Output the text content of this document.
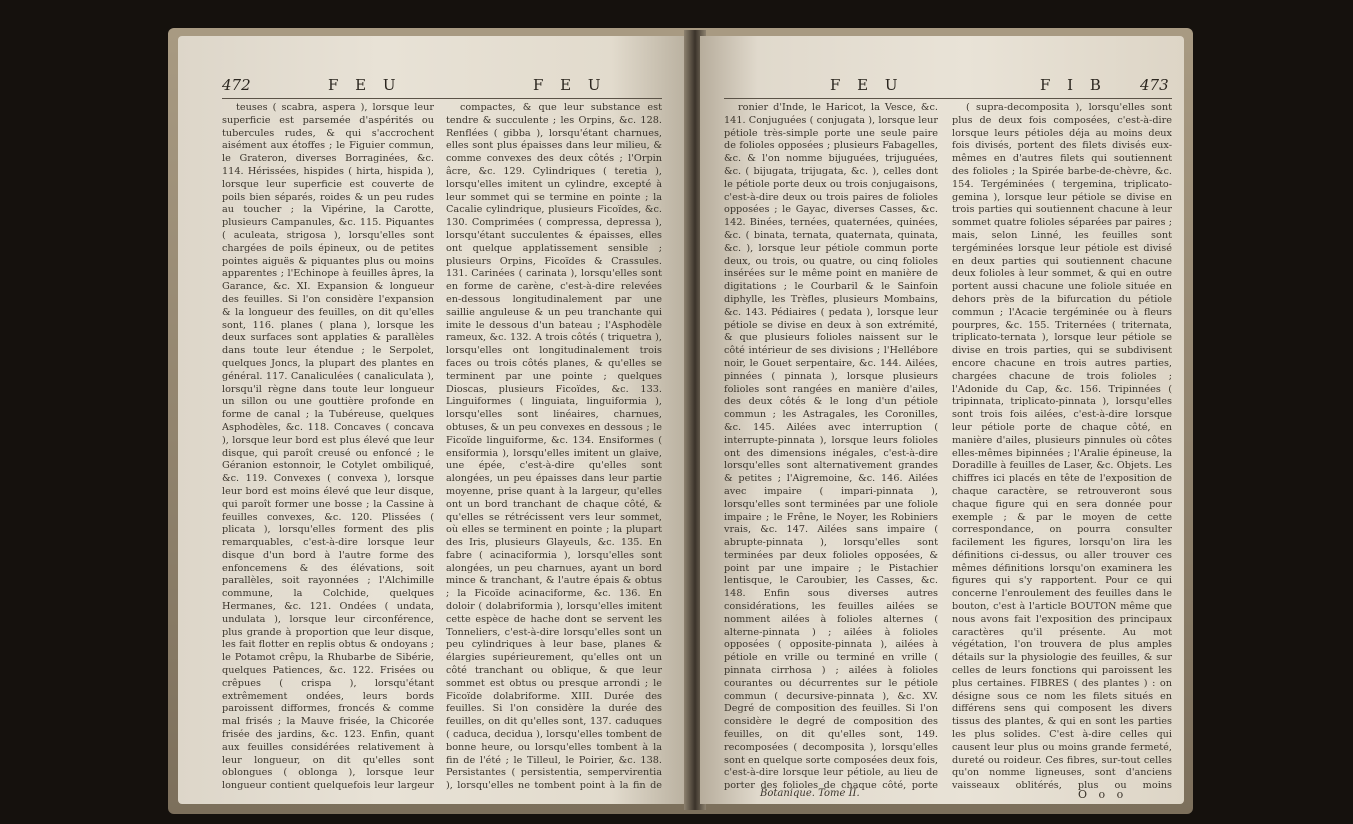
472	F E U	F E U

teuses ( scabra, aspera ), lorsque leur superficie est parsemée d'aspérités ou tubercules rudes, & qui s'accrochent aisément aux étoffes ; le Figuier commun, le Grateron, diverses Borraginées, &c. 114. Hérissées, hispides ( hirta, hispida ), lorsque leur superficie est couverte de poils bien séparés, roides & un peu rudes au toucher ; la Vipérine, la Carotte, plusieurs Campanules, &c. 115. Piquantes ( aculeata, strigosa ), lorsqu'elles sont chargées de poils épineux, ou de petites pointes aiguës & piquantes plus ou moins apparentes ; l'Echinope à feuilles âpres, la Garance, &c. XI. Expansion & longueur des feuilles. Si l'on considère l'expansion & la longueur des feuilles, on dit qu'elles sont, 116. planes ( plana ), lorsque les deux surfaces sont applaties & parallèles dans toute leur étendue ; le Serpolet, quelques Joncs, la plupart des plantes en général. 117. Canaliculées ( canaliculata ), lorsqu'il règne dans toute leur longueur un sillon ou une gouttière profonde en forme de canal ; la Tubéreuse, quelques Asphodèles, &c. 118. Concaves ( concava ), lorsque leur bord est plus élevé que leur disque, qui paroît creusé ou enfoncé ; le Géranion estonnoir, le Cotylet ombiliqué, &c. 119. Convexes ( convexa ), lorsque leur bord est moins élevé que leur disque, qui paroît former une bosse ; la Cassine à feuilles convexes, &c. 120. Plissées ( plicata ), lorsqu'elles forment des plis remarquables, c'est-à-dire lorsque leur disque d'un bord à l'autre forme des enfoncemens & des élévations, soit parallèles, soit rayonnées ; l'Alchimille commune, la Colchide, quelques Hermanes, &c. 121. Ondées ( undata, undulata ), lorsque leur circonférence, plus grande à proportion que leur disque, les fait flotter en replis obtus & ondoyans ; le Potamot crêpu, la Rhubarbe de Sibérie, quelques Patiences, &c. 122. Frisées ou crêpues ( crispa ), lorsqu'étant extrêmement ondées, leurs bords paroissent difformes, froncés & comme mal frisés ; la Mauve frisée, la Chicorée frisée des jardins, &c. 123. Enfin, quant aux feuilles considérées relativement à leur longueur, on dit qu'elles sont oblongues ( oblonga ), lorsque leur longueur contient quelquefois leur largeur

compactes, & que leur substance est tendre & succulente ; les Orpins, &c. 128. Renflées ( gibba ), lorsqu'étant charnues, elles sont plus épaisses dans leur milieu, & comme convexes des deux côtés ; l'Orpin âcre, &c. 129. Cylindriques ( teretia ), lorsqu'elles imitent un cylindre, excepté à leur sommet qui se termine en pointe ; la Cacalie cylindrique, plusieurs Ficoïdes, &c. 130. Comprimées ( compressa, depressa ), lorsqu'étant succulentes & épaisses, elles ont quelque applatissement sensible ; plusieurs Orpins, Ficoïdes & Crassules. 131. Carinées ( carinata ), lorsqu'elles sont en forme de carène, c'est-à-dire relevées en-dessous longitudinalement par une saillie anguleuse & un peu tranchante qui imite le dessous d'un bateau ; l'Asphodèle rameux, &c. 132. A trois côtés ( triquetra ), lorsqu'elles ont longitudinalement trois faces ou trois côtés planes, & qu'elles se terminent par une pointe ; quelques Dioscas, plusieurs Ficoïdes, &c. 133. Linguiformes ( linguiata, linguiformia ), lorsqu'elles sont linéaires, charnues, obtuses, & un peu convexes en dessous ; le Ficoïde linguiforme, &c. 134. Ensiformes ( ensiformia ), lorsqu'elles imitent un glaive, une épée, c'est-à-dire qu'elles sont alongées, un peu épaisses dans leur partie moyenne, prise quant à la largeur, qu'elles ont un bord tranchant de chaque côté, & qu'elles se rétrécissent vers leur sommet, où elles se terminent en pointe ; la plupart des Iris, plusieurs Glayeuls, &c. 135. En fabre ( acinaciformia ), lorsqu'elles sont alongées, un peu charnues, ayant un bord mince & tranchant, & l'autre épais & obtus ; la Ficoïde acinaciforme, &c. 136. En doloir ( dolabriformia ), lorsqu'elles imitent cette espèce de hache dont se servent les Tonneliers, c'est-à-dire lorsqu'elles sont un peu cylindriques à leur base, planes & élargies supérieurement, qu'elles ont un côté tranchant ou oblique, & que leur sommet est obtus ou presque arrondi ; le Ficoïde dolabriforme. XIII. Durée des feuilles. Si l'on considère la durée des feuilles, on dit qu'elles sont, 137. caduques ( caduca, decidua ), lorsqu'elles tombent de bonne heure, ou lorsqu'elles tombent à la fin de l'été ; le Tilleul, le Poirier, &c. 138. Persistantes ( persistentia, sempervirentia ), lorsqu'elles ne tombent point à la fin de

F E U	F I B 473

ronier d'Inde, le Haricot, la Vesce, &c. 141. Conjuguées ( conjugata ), lorsque leur pétiole très-simple porte une seule paire de folioles opposées ; plusieurs Fabagelles, &c. & l'on nomme bijuguées, trijuguées, &c. ( bijugata, trijugata, &c. ), celles dont le pétiole porte deux ou trois conjugaisons, c'est-à-dire deux ou trois paires de folioles opposées ; le Gayac, diverses Casses, &c. 142. Binées, ternées, quaternées, quinées, &c. ( binata, ternata, quaternata, quinata, &c. ), lorsque leur pétiole commun porte deux, ou trois, ou quatre, ou cinq folioles insérées sur le même point en manière de digitations ; le Courbaril & le Sainfoin diphylle, les Trèfles, plusieurs Mombains, &c. 143. Pédiaires ( pedata ), lorsque leur pétiole se divise en deux à son extrémité, & que plusieurs folioles naissent sur le côté intérieur de ses divisions ; l'Hellébore noir, le Gouet serpentaire, &c. 144. Ailées, pinnées ( pinnata ), lorsque plusieurs folioles sont rangées en manière d'ailes, des deux côtés & le long d'un pétiole commun ; les Astragales, les Coronilles, &c. 145. Ailées avec interruption ( interrupte-pinnata ), lorsque leurs folioles ont des dimensions inégales, c'est-à-dire lorsqu'elles sont alternativement grandes & petites ; l'Aigremoine, &c. 146. Ailées avec impaire ( impari-pinnata ), lorsqu'elles sont terminées par une foliole impaire ; le Frêne, le Noyer, les Robiniers vrais, &c. 147. Ailées sans impaire ( abrupte-pinnata ), lorsqu'elles sont terminées par deux folioles opposées, & point par une impaire ; le Pistachier lentisque, le Caroubier, les Casses, &c. 148. Enfin sous diverses autres considérations, les feuilles ailées se nomment ailées à folioles alternes ( alterne-pinnata ) ; ailées à folioles opposées ( opposite-pinnata ), ailées à pétiole en vrille ou terminé en vrille ( pinnata cirrhosa ) ; ailées à folioles courantes ou décurrentes sur le pétiole commun ( decursive-pinnata ), &c. XV. Degré de composition des feuilles. Si l'on considère le degré de composition des feuilles, on dit qu'elles sont, 149. recomposées ( decomposita ), lorsqu'elles sont en quelque sorte composées deux fois, c'est-à-dire lorsque leur pétiole, au lieu de porter des folioles de chaque côté, porte

( supra-decomposita ), lorsqu'elles sont plus de deux fois composées, c'est-à-dire lorsque leurs pétioles déja au moins deux fois divisés, portent des filets divisés eux-mêmes en d'autres filets qui soutiennent des folioles ; la Spirée barbe-de-chèvre, &c. 154. Tergéminées ( tergemina, triplicato-gemina ), lorsque leur pétiole se divise en trois parties qui soutiennent chacune à leur sommet quatre folioles séparées par paires ; mais, selon Linné, les feuilles sont tergéminées lorsque leur pétiole est divisé en deux parties qui soutiennent chacune deux folioles à leur sommet, & qui en outre portent aussi chacune une foliole située en dehors près de la bifurcation du pétiole commun ; l'Acacie tergéminée ou à fleurs pourpres, &c. 155. Triternées ( triternata, triplicato-ternata ), lorsque leur pétiole se divise en trois parties, qui se subdivisent encore chacune en trois autres parties, chargées chacune de trois folioles ; l'Adonide du Cap, &c. 156. Tripinnées ( tripinnata, triplicato-pinnata ), lorsqu'elles sont trois fois ailées, c'est-à-dire lorsque leur pétiole porte de chaque côté, en manière d'ailes, plusieurs pinnules où côtes elles-mêmes bipinnées ; l'Aralie épineuse, la Doradille à feuilles de Laser, &c. Objets. Les chiffres ici placés en tête de l'exposition de chaque caractère, se retrouveront sous chaque figure qui en sera donnée pour exemple ; & par le moyen de cette correspondance, on pourra consulter facilement les figures, lorsqu'on lira les définitions ci-dessus, ou aller trouver ces mêmes définitions lorsqu'on examinera les figures qui s'y rapportent. Pour ce qui concerne l'enroulement des feuilles dans le bouton, c'est à l'article BOUTON même que nous avons fait l'exposition des principaux caractères qu'il présente. Au mot végétation, l'on trouvera de plus amples détails sur la physiologie des feuilles, & sur celles de leurs fonctions qui paroissent les plus certaines. FIBRES ( des plantes ) : on désigne sous ce nom les filets situés en différens sens qui composent les divers tissus des plantes, & qui en sont les parties les plus solides. C'est à-dire celles qui causent leur plus ou moins grande fermeté, dureté ou roideur. Ces fibres, sur-tout celles qu'on nomme ligneuses, sont d'anciens vaisseaux oblitérés, plus ou moins

Botanique. Tome II.	O o o
